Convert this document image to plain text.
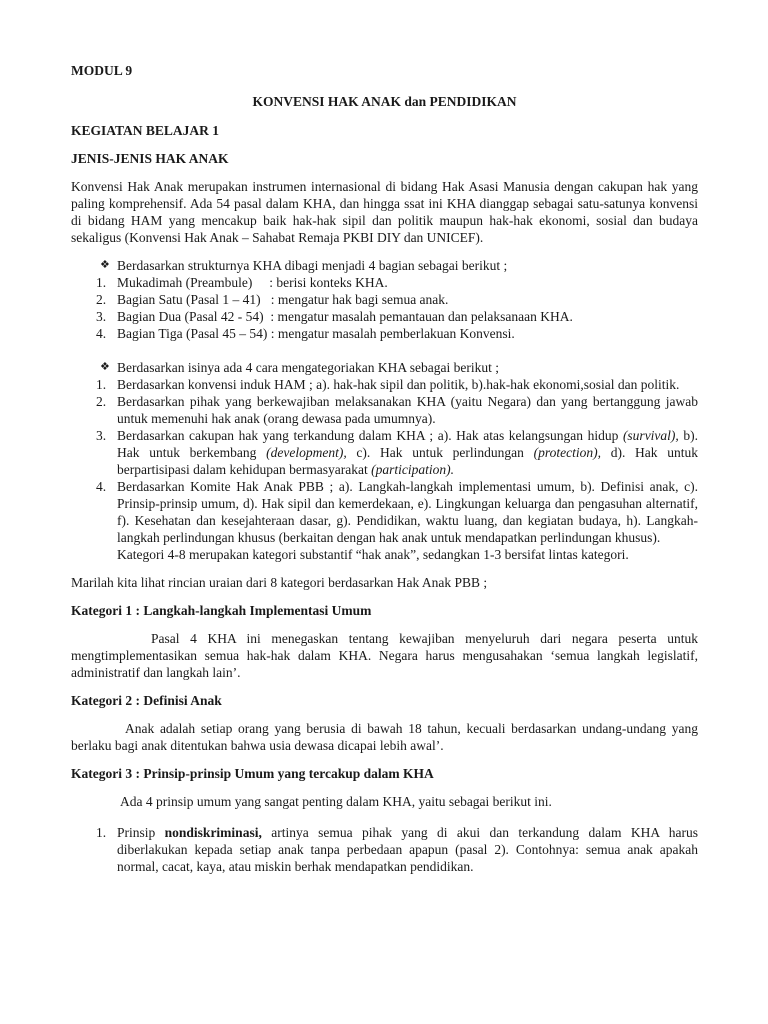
MODUL 9
KONVENSI HAK ANAK dan PENDIDIKAN
KEGIATAN BELAJAR 1
JENIS-JENIS HAK ANAK

Konvensi Hak Anak merupakan instrumen internasional di bidang Hak Asasi Manusia dengan cakupan hak yang paling komprehensif. Ada 54 pasal dalam KHA, dan hingga ssat ini KHA dianggap sebagai satu-satunya konvensi di bidang HAM yang mencakup baik hak-hak sipil dan politik maupun hak-hak ekonomi, sosial dan budaya sekaligus (Konvensi Hak Anak – Sahabat Remaja PKBI DIY dan UNICEF).

❖ Berdasarkan strukturnya KHA dibagi menjadi 4 bagian sebagai berikut ;
1. Mukadimah (Preambule)     : berisi konteks KHA.
2. Bagian Satu (Pasal 1 – 41)   : mengatur hak bagi semua anak.
3. Bagian Dua (Pasal 42 - 54)  : mengatur masalah pemantauan dan pelaksanaan KHA.
4. Bagian Tiga (Pasal 45 – 54) : mengatur masalah pemberlakuan Konvensi.
❖ Berdasarkan isinya ada 4 cara mengategoriakan KHA sebagai berikut ;
1. Berdasarkan konvensi induk HAM ; a). hak-hak sipil dan politik, b).hak-hak ekonomi,sosial dan politik.
2. Berdasarkan pihak yang berkewajiban melaksanakan KHA (yaitu Negara) dan yang bertanggung jawab untuk memenuhi hak anak (orang dewasa pada umumnya).
3. Berdasarkan cakupan hak yang terkandung dalam KHA ; a). Hak atas kelangsungan hidup (survival), b). Hak untuk berkembang (development), c). Hak untuk perlindungan (protection), d). Hak untuk berpartisipasi dalam kehidupan bermasyarakat (participation).
4. Berdasarkan Komite Hak Anak PBB ; a). Langkah-langkah implementasi umum, b). Definisi anak, c). Prinsip-prinsip umum, d). Hak sipil dan kemerdekaan, e). Lingkungan keluarga dan pengasuhan alternatif, f). Kesehatan dan kesejahteraan dasar, g). Pendidikan, waktu luang, dan kegiatan budaya, h). Langkah-langkah perlindungan khusus (berkaitan dengan hak anak untuk mendapatkan perlindungan khusus).
Kategori 4-8 merupakan kategori substantif “hak anak”, sedangkan 1-3 bersifat lintas kategori.

Marilah kita lihat rincian uraian dari 8 kategori berdasarkan Hak Anak PBB ;

Kategori 1 : Langkah-langkah Implementasi Umum

Pasal 4 KHA ini menegaskan tentang kewajiban menyeluruh dari negara peserta untuk mengtimplementasikan semua hak-hak dalam KHA. Negara harus mengusahakan ‘semua langkah legislatif, administratif dan langkah lain’.

Kategori 2 : Definisi Anak

Anak adalah setiap orang yang berusia di bawah 18 tahun, kecuali berdasarkan undang-undang yang berlaku bagi anak ditentukan bahwa usia dewasa dicapai lebih awal’.

Kategori 3 : Prinsip-prinsip Umum yang tercakup dalam KHA

Ada 4 prinsip umum yang sangat penting dalam KHA, yaitu sebagai berikut ini.

1. Prinsip nondiskriminasi, artinya semua pihak yang di akui dan terkandung dalam KHA harus diberlakukan kepada setiap anak tanpa perbedaan apapun (pasal 2). Contohnya: semua anak apakah normal, cacat, kaya, atau miskin berhak mendapatkan pendidikan.
